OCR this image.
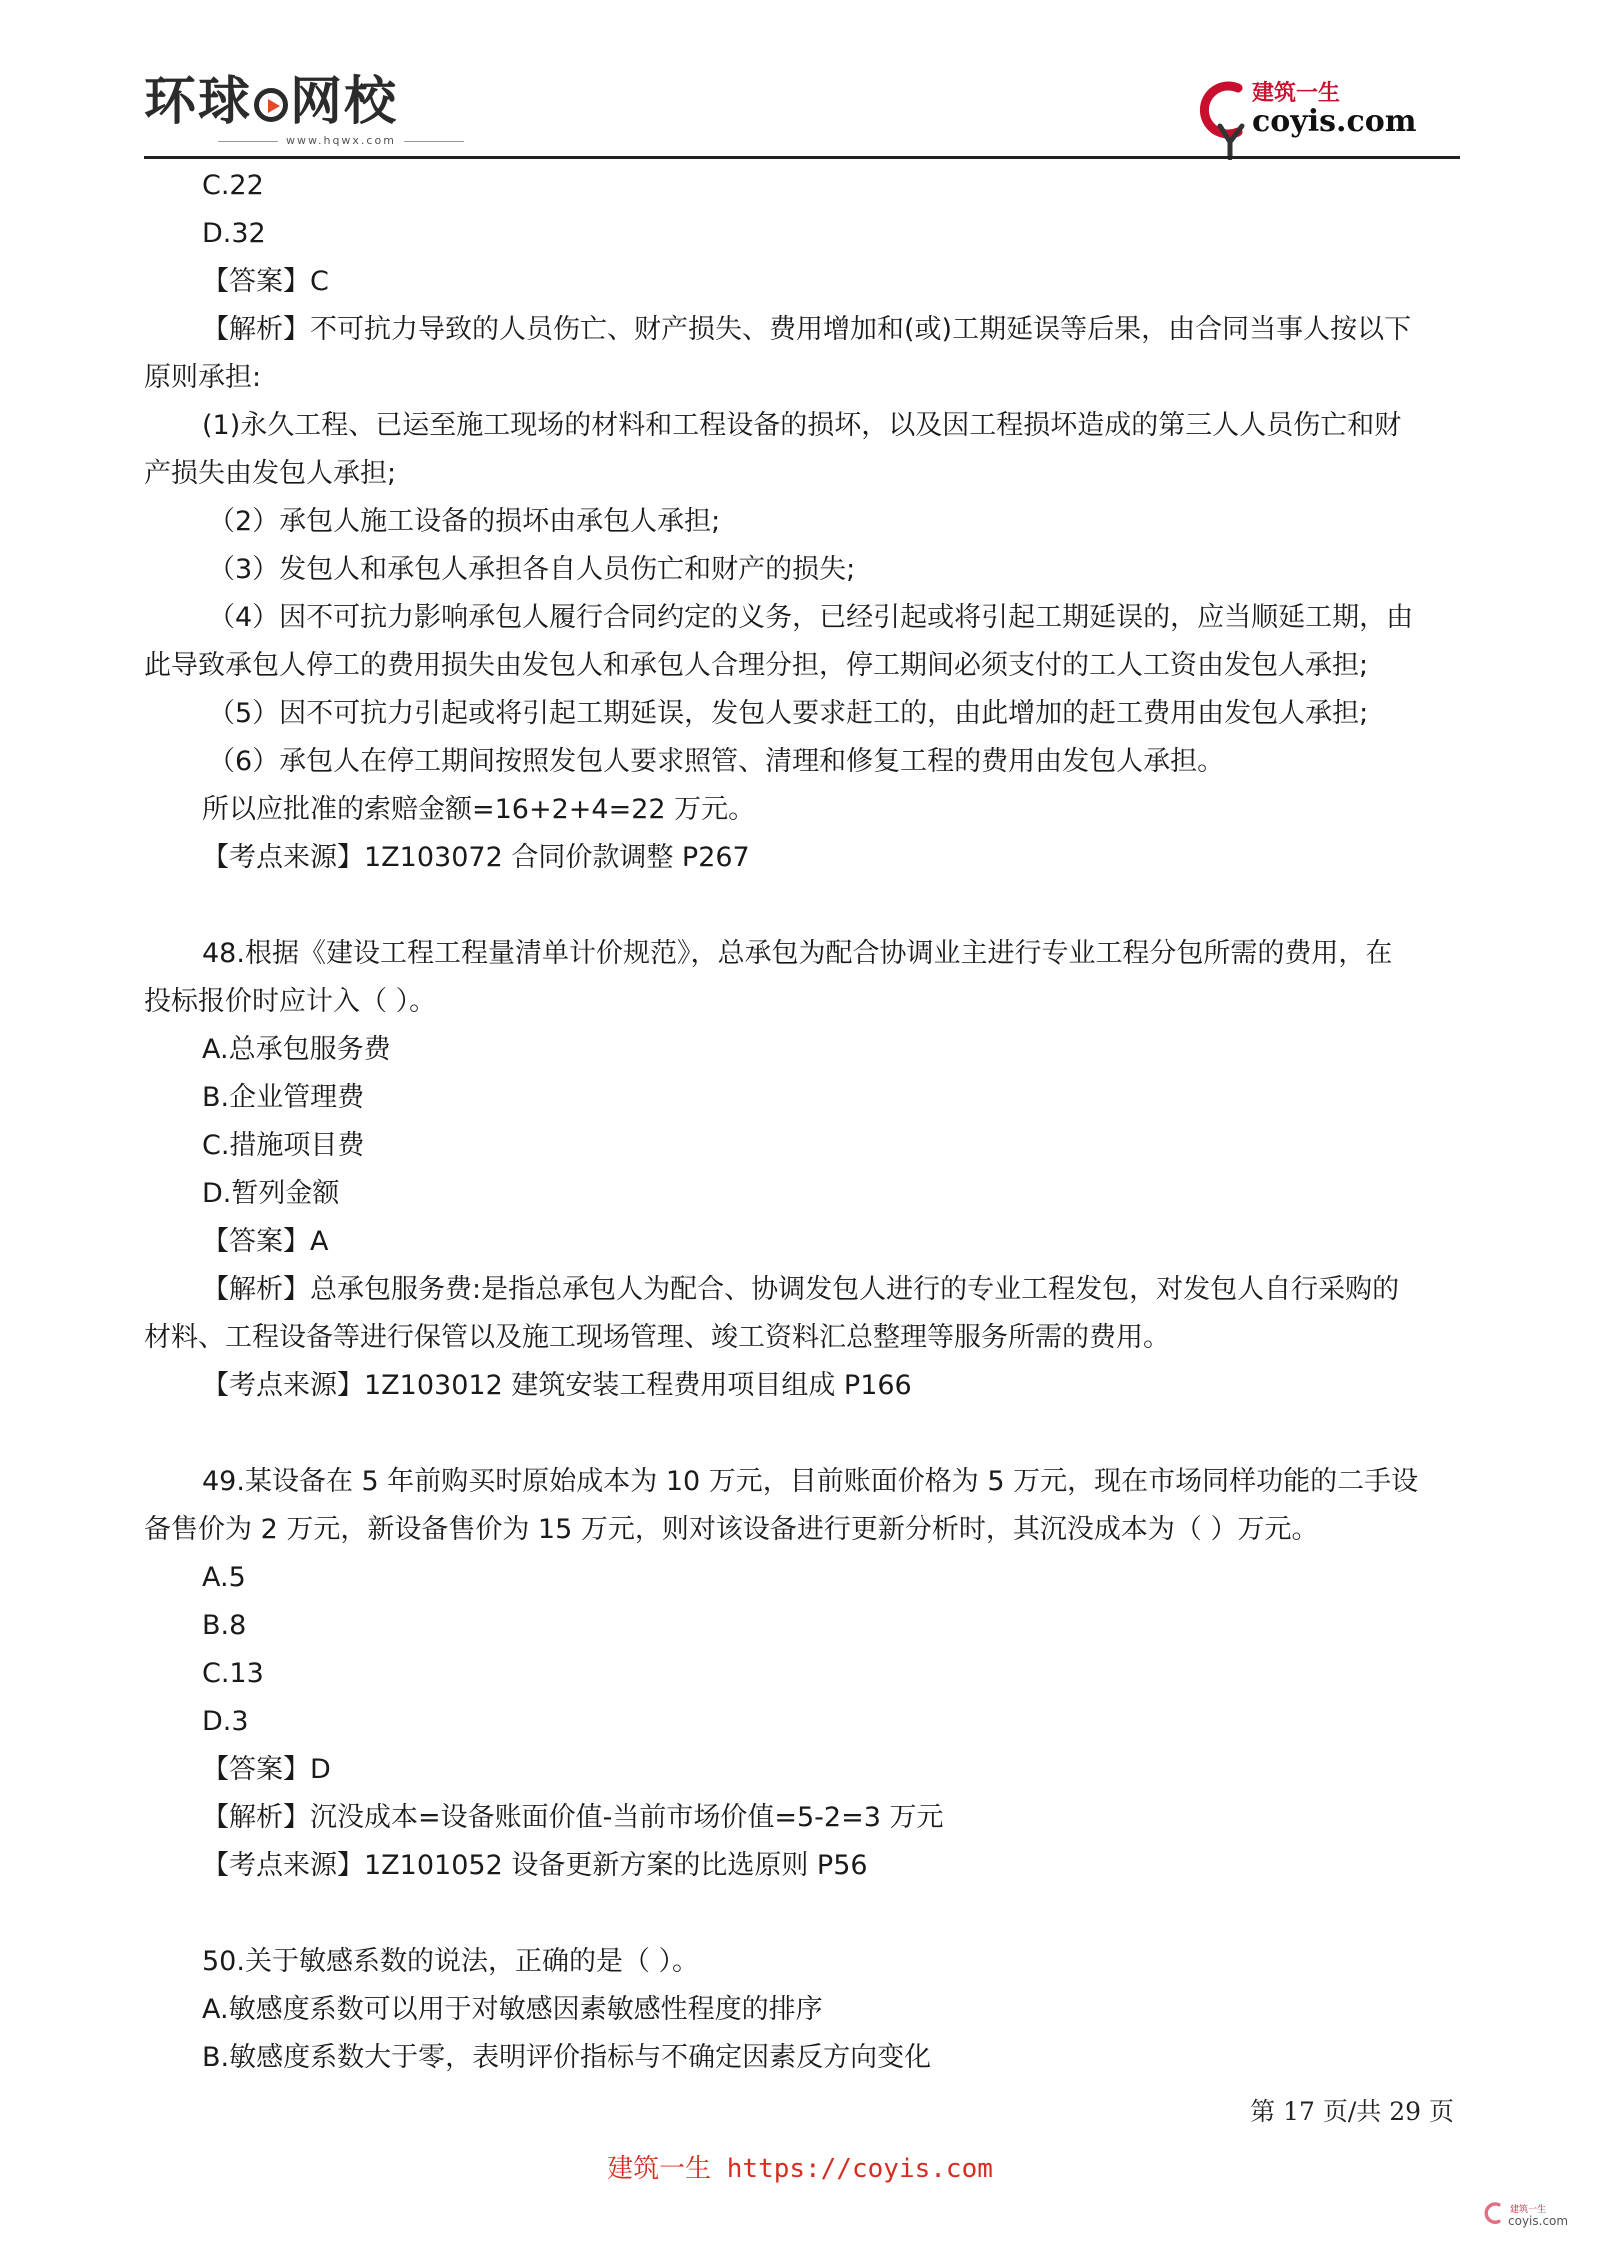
环球 网校
www.hqwx.com
建筑一生
coyis.com
C.22
D.32
【答案】C
【解析】不可抗力导致的人员伤亡、财产损失、费用增加和(或)工期延误等后果，由合同当事人按以下
原则承担:
(1)永久工程、已运至施工现场的材料和工程设备的损坏，以及因工程损坏造成的第三人人员伤亡和财
产损失由发包人承担;
（2）承包人施工设备的损坏由承包人承担;
（3）发包人和承包人承担各自人员伤亡和财产的损失;
（4）因不可抗力影响承包人履行合同约定的义务，已经引起或将引起工期延误的，应当顺延工期，由
此导致承包人停工的费用损失由发包人和承包人合理分担，停工期间必须支付的工人工资由发包人承担;
（5）因不可抗力引起或将引起工期延误，发包人要求赶工的，由此增加的赶工费用由发包人承担;
（6）承包人在停工期间按照发包人要求照管、清理和修复工程的费用由发包人承担。
所以应批准的索赔金额=16+2+4=22 万元。
【考点来源】1Z103072 合同价款调整 P267
48.根据《建设工程工程量清单计价规范》，总承包为配合协调业主进行专业工程分包所需的费用，在
投标报价时应计入（ ）。
A.总承包服务费
B.企业管理费
C.措施项目费
D.暂列金额
【答案】A
【解析】总承包服务费:是指总承包人为配合、协调发包人进行的专业工程发包，对发包人自行采购的
材料、工程设备等进行保管以及施工现场管理、竣工资料汇总整理等服务所需的费用。
【考点来源】1Z103012 建筑安装工程费用项目组成 P166
49.某设备在 5 年前购买时原始成本为 10 万元，目前账面价格为 5 万元，现在市场同样功能的二手设
备售价为 2 万元，新设备售价为 15 万元，则对该设备进行更新分析时，其沉没成本为（ ）万元。
A.5
B.8
C.13
D.3
【答案】D
【解析】沉没成本=设备账面价值-当前市场价值=5-2=3 万元
【考点来源】1Z101052 设备更新方案的比选原则 P56
50.关于敏感系数的说法，正确的是（ ）。
A.敏感度系数可以用于对敏感因素敏感性程度的排序
B.敏感度系数大于零，表明评价指标与不确定因素反方向变化
第 17 页/共 29 页
建筑一生 https://coyis.com
建筑一生
coyis.com
